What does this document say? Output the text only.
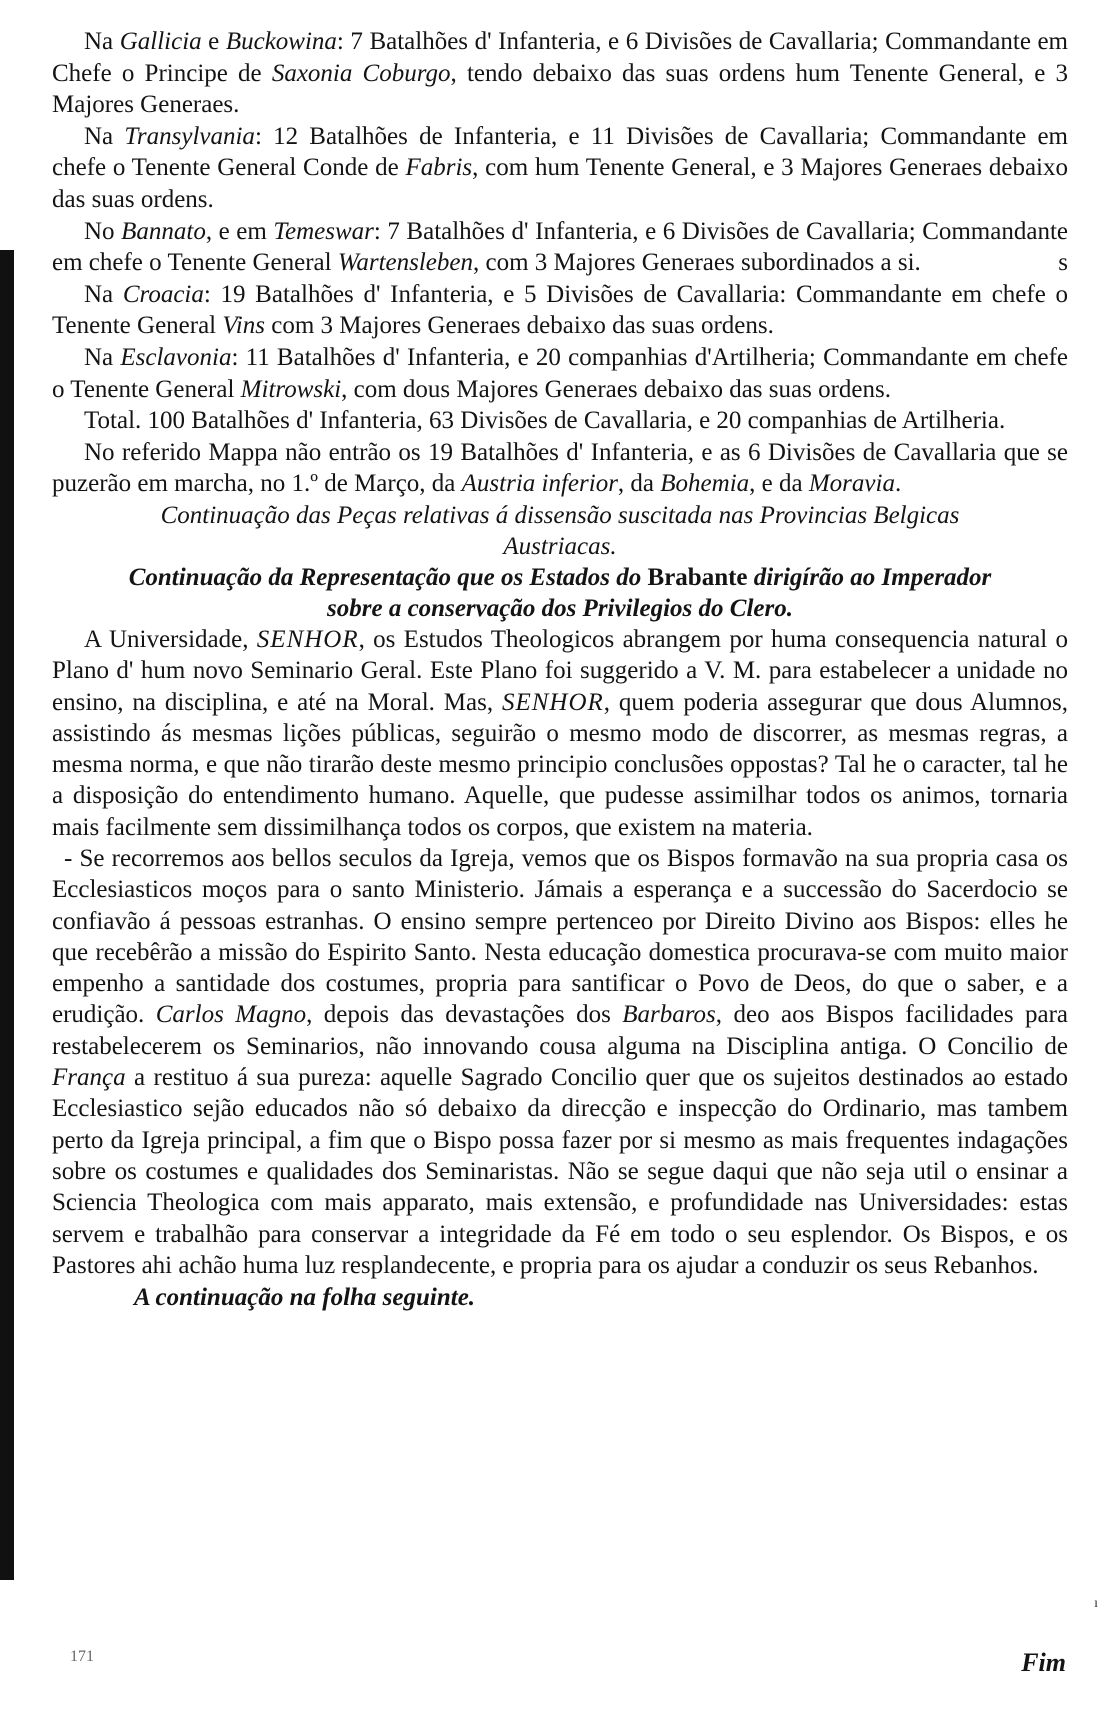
Na Gallicia e Buckowina: 7 Batalhões d' Infanteria, e 6 Divisões de Cavallaria; Commandante em Chefe o Principe de Saxonia Coburgo, tendo debaixo das suas ordens hum Tenente General, e 3 Majores Generaes.

Na Transylvania: 12 Batalhões de Infanteria, e 11 Divisões de Cavallaria; Commandante em chefe o Tenente General Conde de Fabris, com hum Tenente General, e 3 Majores Generaes debaixo das suas ordens.

No Bannato, e em Temeswar: 7 Batalhões d' Infanteria, e 6 Divisões de Cavallaria; Commandante em chefe o Tenente General Wartensleben, com 3 Majores Generaes subordinados a si.	s

Na Croacia: 19 Batalhões d' Infanteria, e 5 Divisões de Cavallaria: Commandante em chefe o Tenente General Vins com 3 Majores Generaes debaixo das suas ordens.

Na Esclavonia: 11 Batalhões d' Infanteria, e 20 companhias d'Artilheria; Commandante em chefe o Tenente General Mitrowski, com dous Majores Generaes debaixo das suas ordens.

Total. 100 Batalhões d' Infanteria, 63 Divisões de Cavallaria, e 20 companhias de Artilheria.

No referido Mappa não entrão os 19 Batalhões d' Infanteria, e as 6 Divisões de Cavallaria que se puzerão em marcha, no 1.º de Março, da Austria inferior, da Bohemia, e da Moravia.

Continuação das Peças relativas á dissensão suscitada nas Provincias Belgicas Austriacas.

Continuação da Representação que os Estados do Brabante dirigírão ao Imperador sobre a conservação dos Privilegios do Clero.

A Universidade, SENHOR, os Estudos Theologicos abrangem por huma consequencia natural o Plano d' hum novo Seminario Geral. Este Plano foi suggerido a V. M. para estabelecer a unidade no ensino, na disciplina, e até na Moral. Mas, SENHOR, quem poderia assegurar que dous Alumnos, assistindo ás mesmas lições públicas, seguirão o mesmo modo de discorrer, as mesmas regras, a mesma norma, e que não tirarão deste mesmo principio conclusões oppostas? Tal he o caracter, tal he a disposição do entendimento humano. Aquelle, que pudesse assimilhar todos os animos, tornaria mais facilmente sem dissimilhança todos os corpos, que existem na materia.

- Se recorremos aos bellos seculos da Igreja, vemos que os Bispos formavão na sua propria casa os Ecclesiasticos moços para o santo Ministerio. Jámais a esperança e a successão do Sacerdocio se confiavão á pessoas estranhas. O ensino sempre pertenceo por Direito Divino aos Bispos: elles he que recebêrão a missão do Espirito Santo. Nesta educação domestica procurava-se com muito maior empenho a santidade dos costumes, propria para santificar o Povo de Deos, do que o saber, e a erudição. Carlos Magno, depois das devastações dos Barbaros, deo aos Bispos facilidades para restabelecerem os Seminarios, não innovando cousa alguma na Disciplina antiga. O Concilio de França a restituo á sua pureza: aquelle Sagrado Concilio quer que os sujeitos destinados ao estado Ecclesiastico sejão educados não só debaixo da direcção e inspecção do Ordinario, mas tambem perto da Igreja principal, a fim que o Bispo possa fazer por si mesmo as mais frequentes indagações sobre os costumes e qualidades dos Seminaristas. Não se segue daqui que não seja util o ensinar a Sciencia Theologica com mais apparato, mais extensão, e profundidade nas Universidades: estas servem e trabalhão para conservar a integridade da Fé em todo o seu esplendor. Os Bispos, e os Pastores ahi achão huma luz resplandecente, e propria para os ajudar a conduzir os seus Rebanhos.

A continuação na folha seguinte.

ı
171	Fim
